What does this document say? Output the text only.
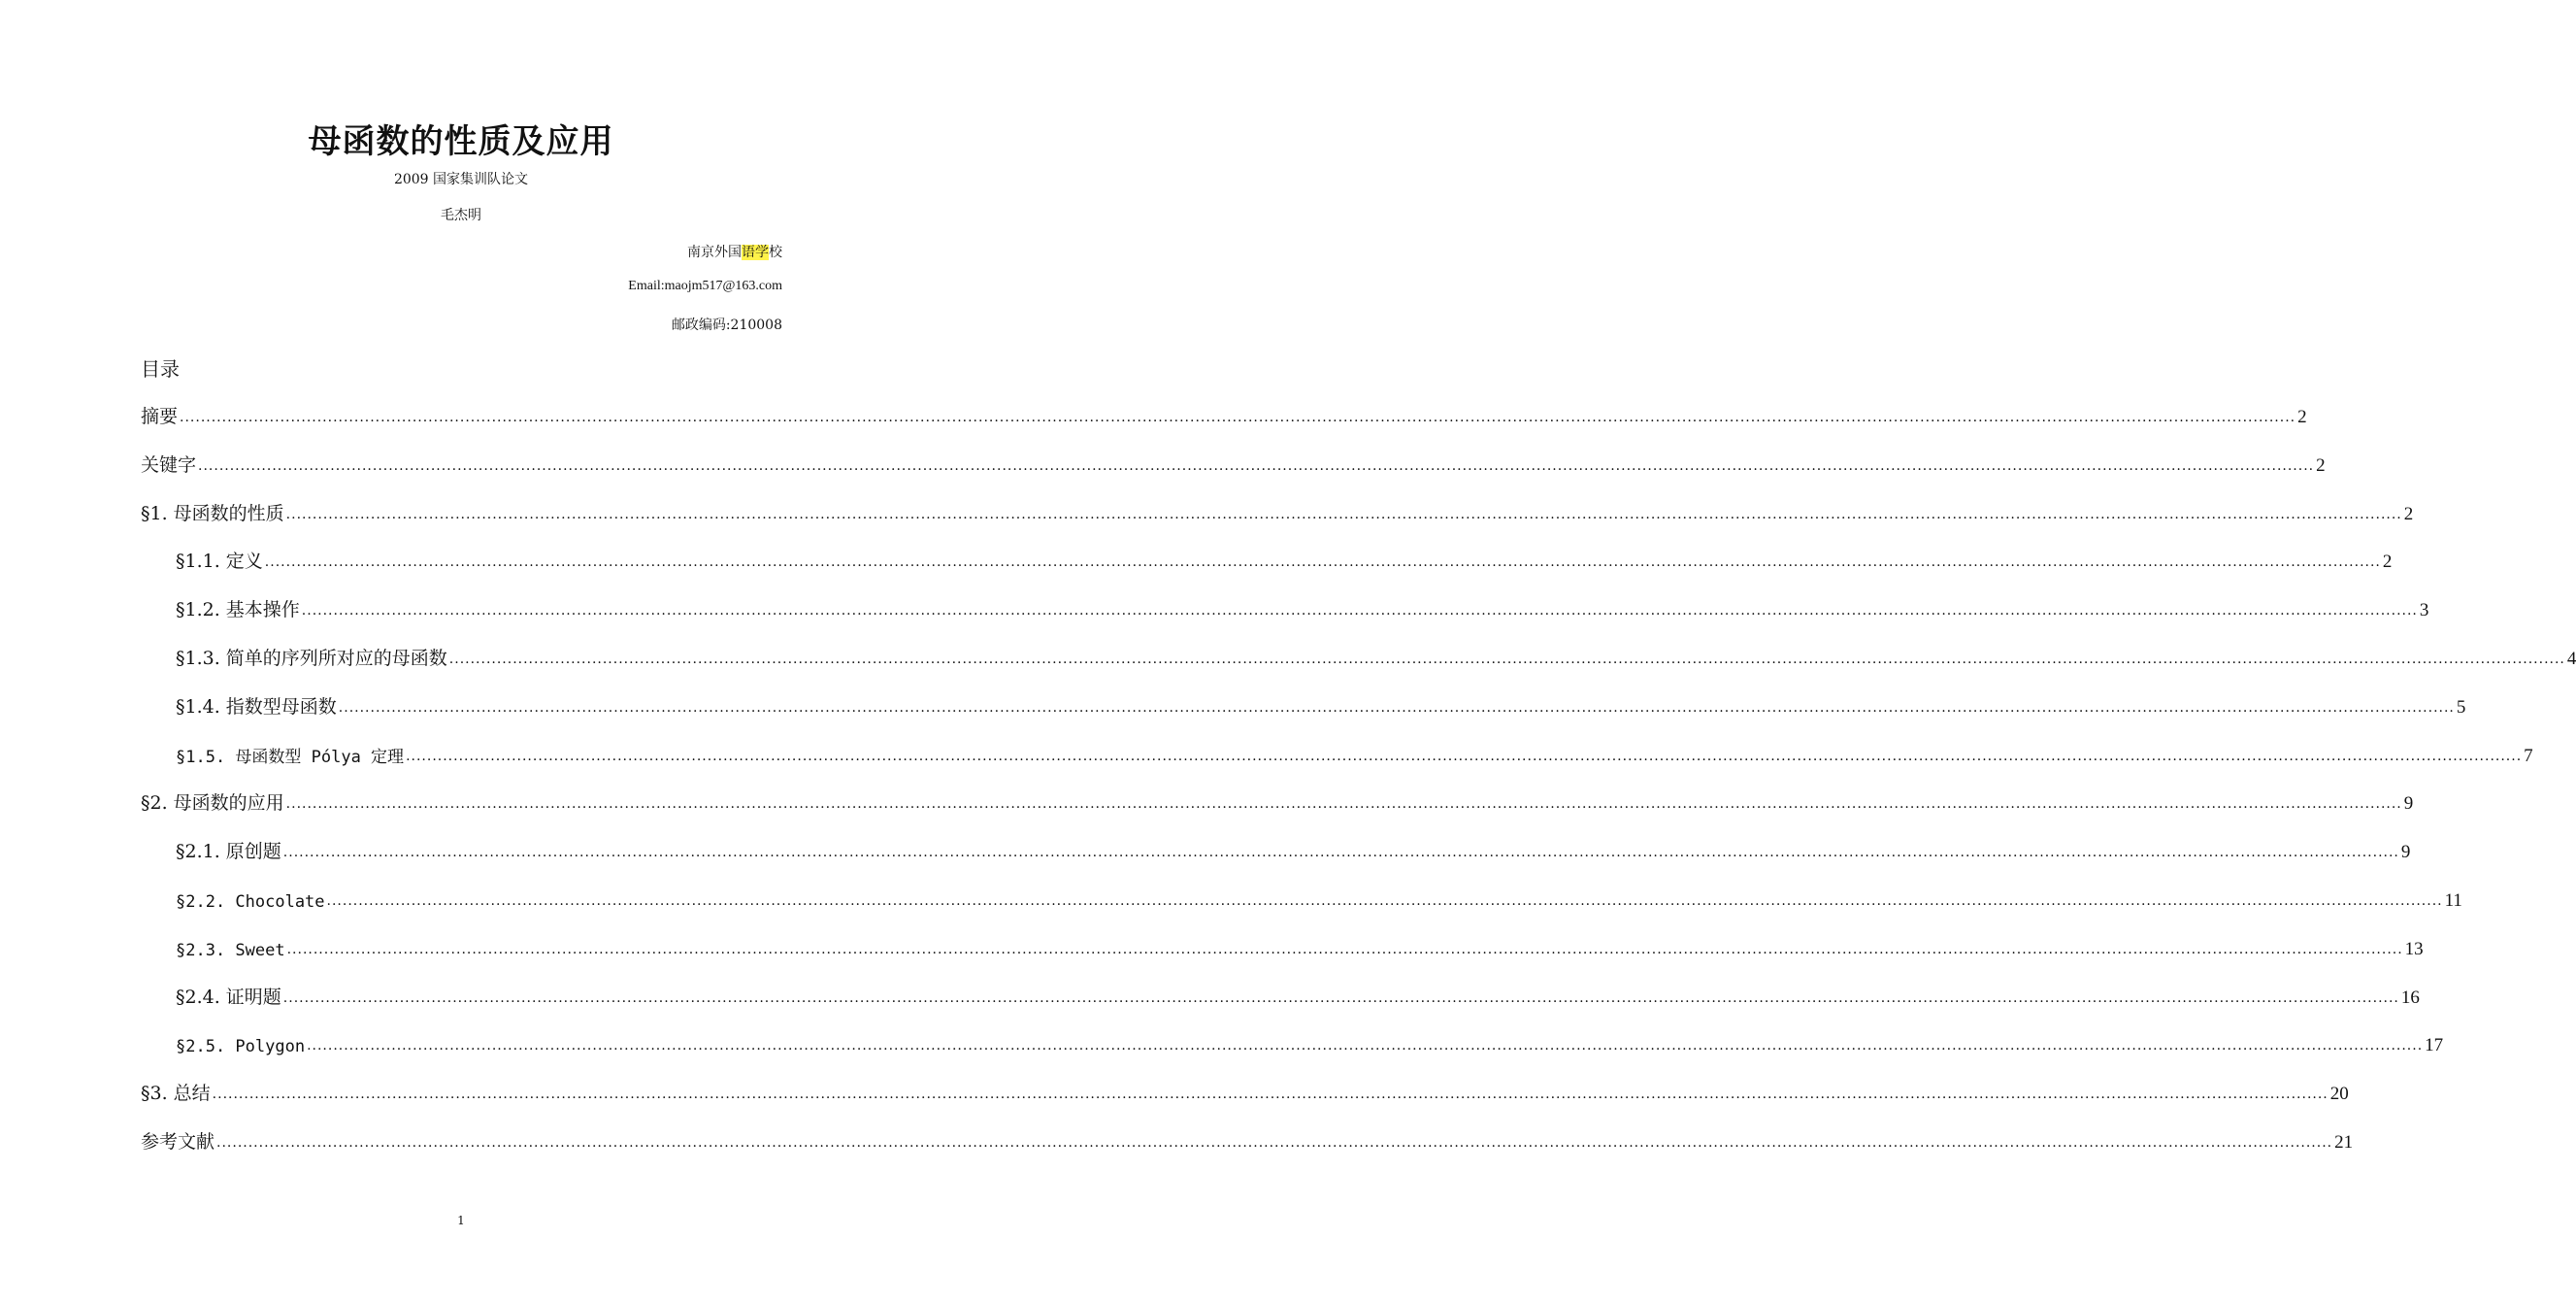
母函数的性质及应用
2009 国家集训队论文
毛杰明
南京外国语学校
Email:maojm517@163.com
邮政编码:210008
目录
摘要 ................................................................................................................................................................................................................................................................................................................................................................................................................ 2
关键字 ................................................................................................................................................................................................................................................................................................................................................................................................................ 2
§1. 母函数的性质 ................................................................................................................................................................................................................................................................................................................................................................................................................ 2
§1.1. 定义 ................................................................................................................................................................................................................................................................................................................................................................................................................ 2
§1.2. 基本操作 ................................................................................................................................................................................................................................................................................................................................................................................................................ 3
§1.3. 简单的序列所对应的母函数 ................................................................................................................................................................................................................................................................................................................................................................................................................ 4
§1.4. 指数型母函数 ................................................................................................................................................................................................................................................................................................................................................................................................................ 5
§1.5. 母函数型 Pólya 定理 ................................................................................................................................................................................................................................................................................................................................................................................................................ 7
§2. 母函数的应用 ................................................................................................................................................................................................................................................................................................................................................................................................................ 9
§2.1. 原创题 ................................................................................................................................................................................................................................................................................................................................................................................................................ 9
§2.2. Chocolate ................................................................................................................................................................................................................................................................................................................................................................................................................ 11
§2.3. Sweet ................................................................................................................................................................................................................................................................................................................................................................................................................ 13
§2.4. 证明题 ................................................................................................................................................................................................................................................................................................................................................................................................................ 16
§2.5. Polygon ................................................................................................................................................................................................................................................................................................................................................................................................................ 17
§3. 总结 ................................................................................................................................................................................................................................................................................................................................................................................................................ 20
参考文献 ................................................................................................................................................................................................................................................................................................................................................................................................................ 21
1
